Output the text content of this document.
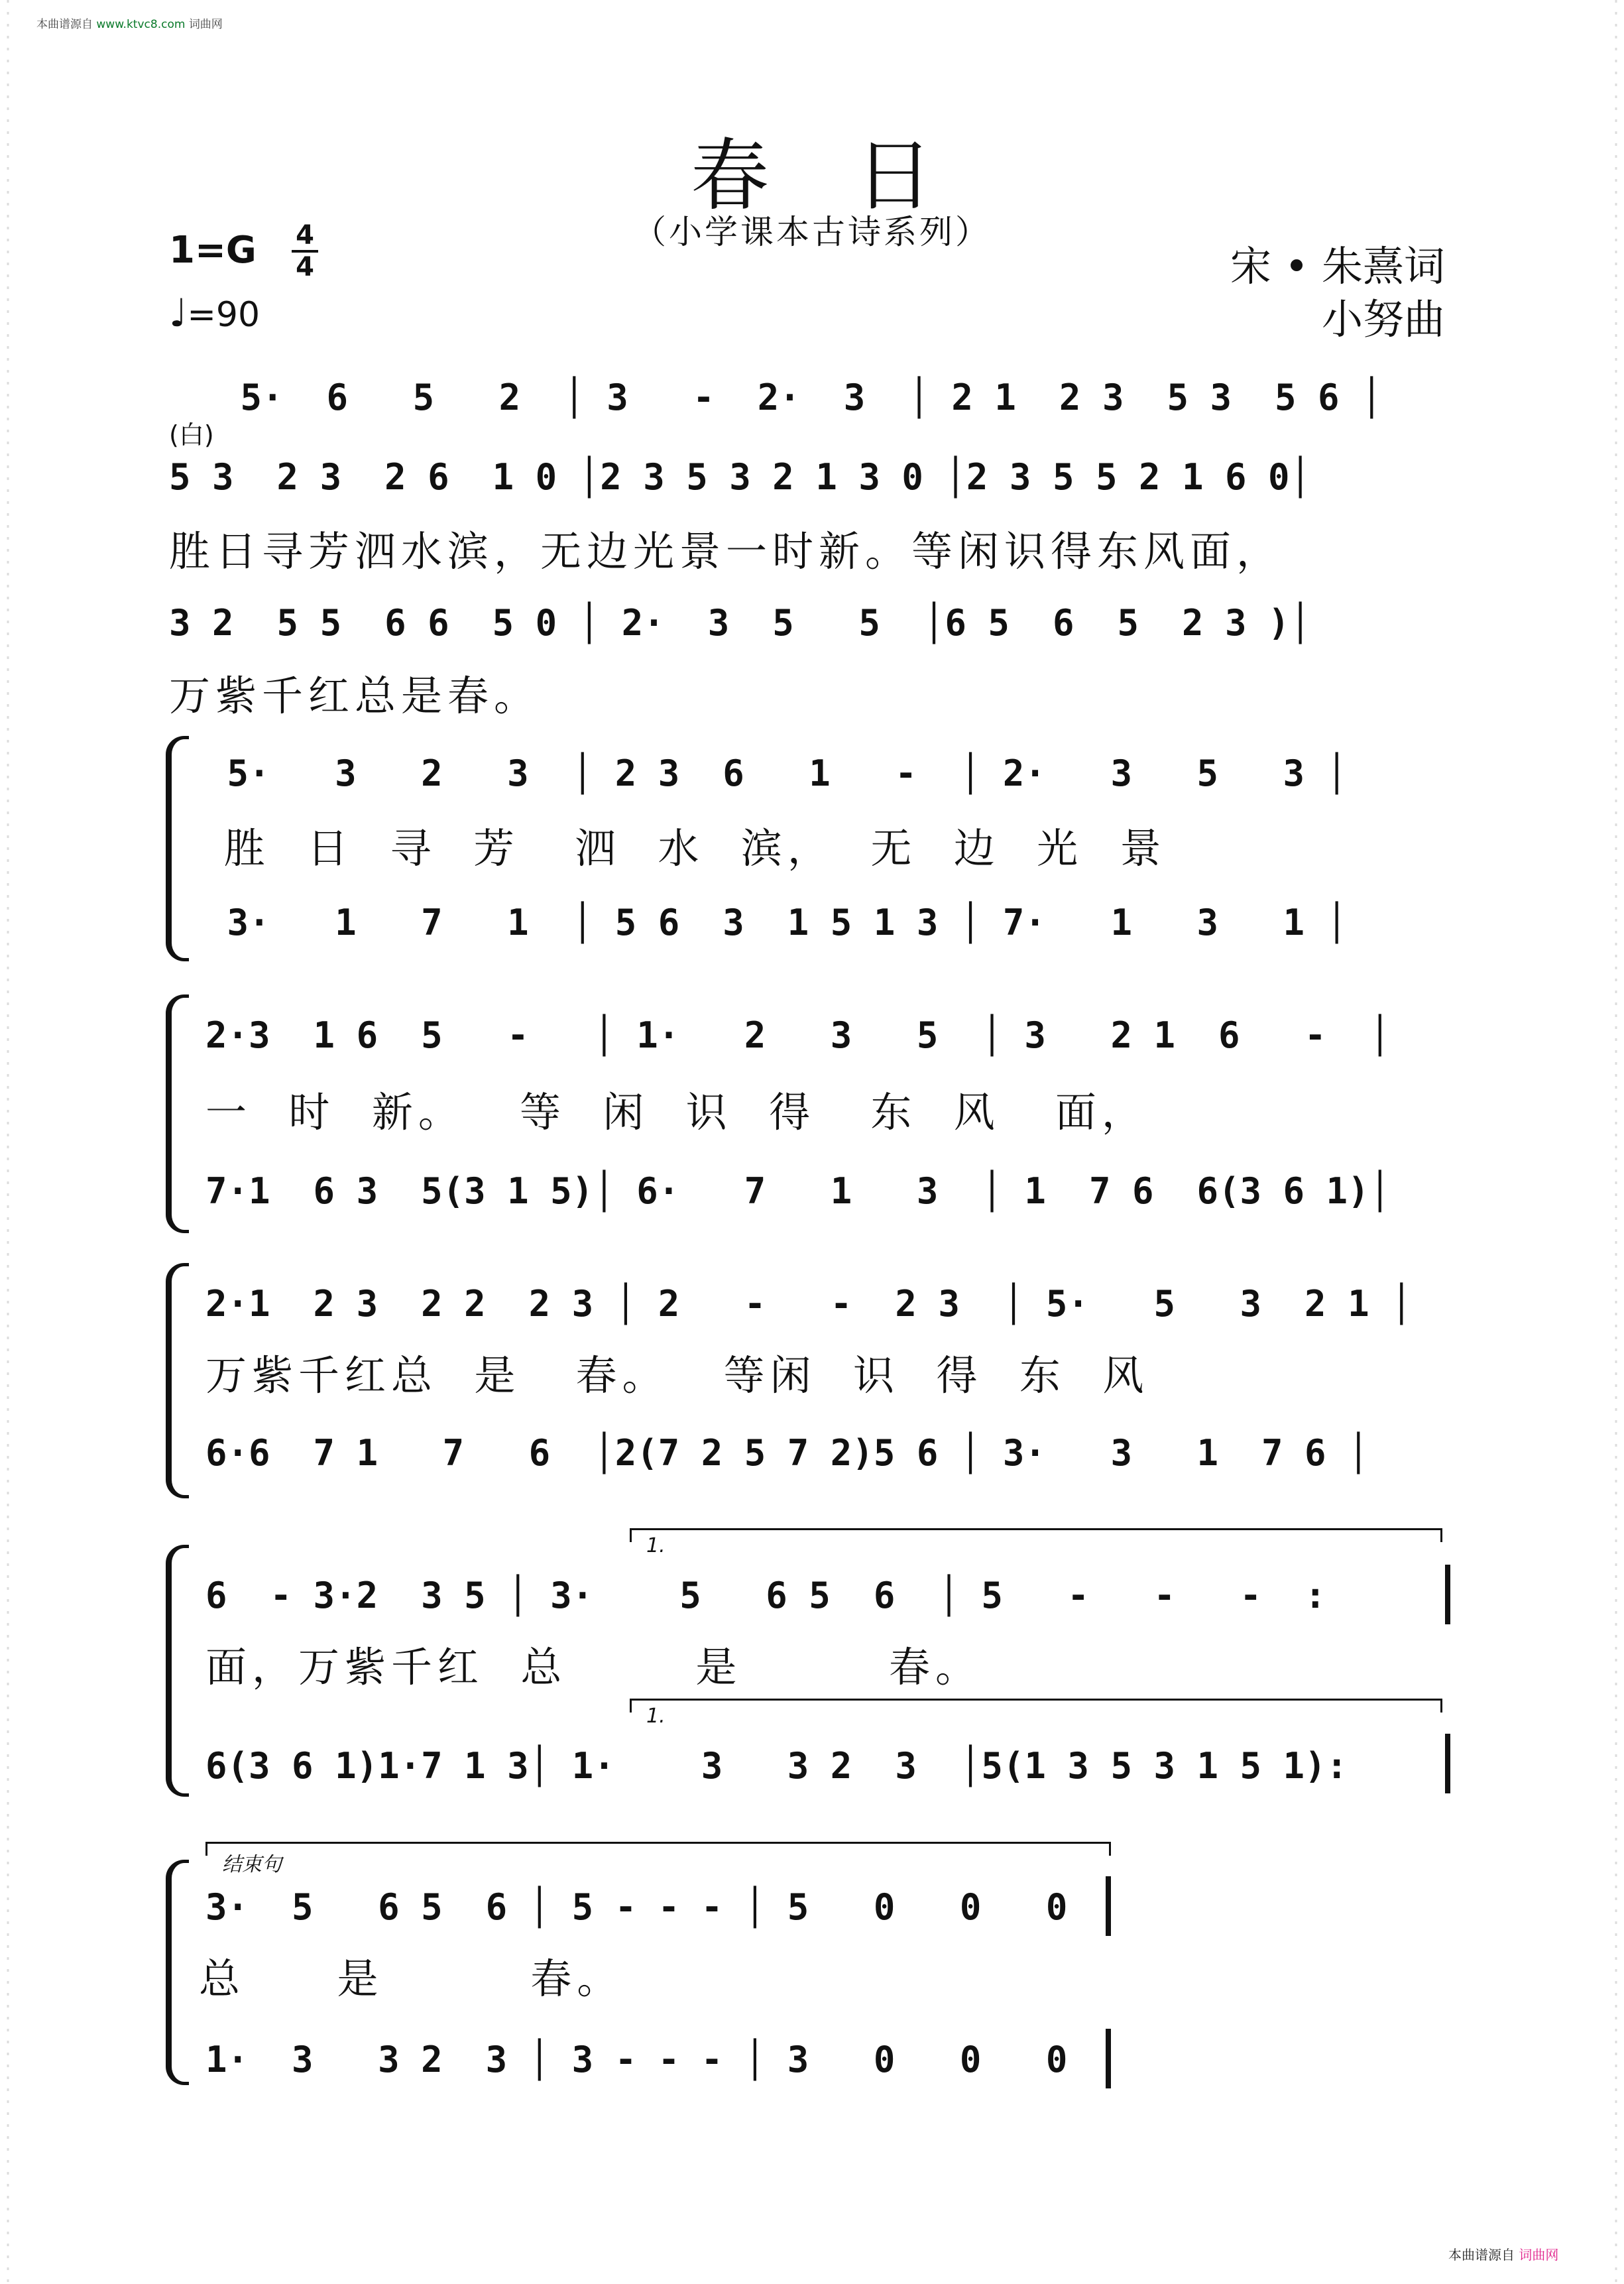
本曲谱源自 www.ktvc8.com 词曲网
本曲谱源自 词曲网
春日
（小学课本古诗系列）
1=G 4
4
♩=90
宋 • 朱熹词
小努曲
(白)
5·  6   5   2  │ 3   -  2·  3  │ 2 1  2 3  5 3  5 6 │
5 3  2 3  2 6  1 0 │2 3 5 3 2 1 3 0 │2 3 5 5 2 1 6 0│
胜日寻芳泗水滨，无边光景一时新。等闲识得东风面，
3 2  5 5  6 6  5 0 │ 2·  3  5   5  │6 5  6  5  2 3 )│
万紫千红总是春。
5·   3   2   3  │ 2 3  6   1   -  │ 2·   3   5   3 │
胜  日  寻  芳   泗  水  滨，  无  边  光  景
3·   1   7   1  │ 5 6  3  1 5 1 3 │ 7·   1   3   1 │
2·3  1 6  5   -   │ 1·   2   3   5  │ 3   2 1  6   -  │
一  时  新。   等  闲  识  得   东  风   面，
7·1  6 3  5(3 1 5)│ 6·   7   1   3  │ 1  7 6  6(3 6 1)│
2·1  2 3  2 2  2 3 │ 2   -   -  2 3  │ 5·   5   3  2 1 │
万紫千红总  是   春。   等闲  识  得  东  风
6·6  7 1   7   6  │2(7 2 5 7 2)5 6 │ 3·   3   1  7 6 │
1.
6  - 3·2  3 5 │ 3·    5   6 5  6  │ 5   -   -   -  :
面，万紫千红  总       是        春。
1.
6(3 6 1)1·7 1 3│ 1·    3   3 2  3  │5(1 3 5 3 1 5 1):
结束句
3·  5   6 5  6 │ 5 - - - │ 5   0   0   0
总     是        春。
1·  3   3 2  3 │ 3 - - - │ 3   0   0   0
